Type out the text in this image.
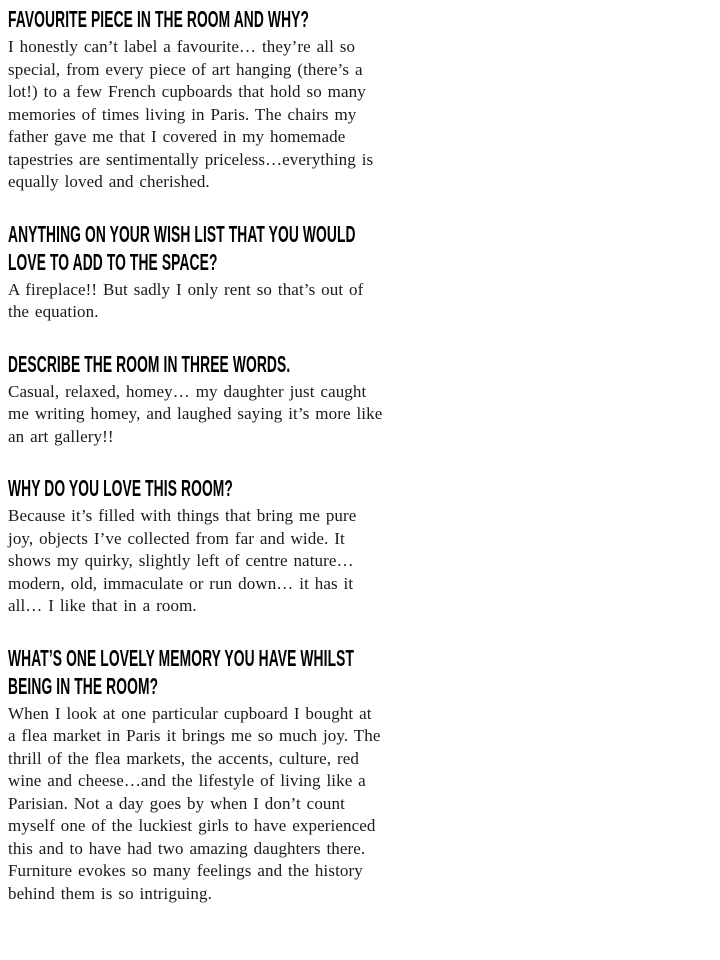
FAVOURITE PIECE IN THE ROOM AND WHY?

I honestly can’t label a favourite… they’re all so special, from every piece of art hanging (there’s a lot!) to a few French cupboards that hold so many memories of times living in Paris. The chairs my father gave me that I covered in my homemade tapestries are sentimentally priceless…everything is equally loved and cherished.

ANYTHING ON YOUR WISH LIST THAT YOU WOULD LOVE TO ADD TO THE SPACE?

A fireplace!! But sadly I only rent so that’s out of the equation.

DESCRIBE THE ROOM IN THREE WORDS.

Casual, relaxed, homey… my daughter just caught me writing homey, and laughed saying it’s more like an art gallery!!

WHY DO YOU LOVE THIS ROOM?

Because it’s filled with things that bring me pure joy, objects I’ve collected from far and wide. It shows my quirky, slightly left of centre nature… modern, old, immaculate or run down… it has it all… I like that in a room.

WHAT’S ONE LOVELY MEMORY YOU HAVE WHILST BEING IN THE ROOM?

When I look at one particular cupboard I bought at a flea market in Paris it brings me so much joy. The thrill of the flea markets, the accents, culture, red wine and cheese…and the lifestyle of living like a Parisian. Not a day goes by when I don’t count myself one of the luckiest girls to have experienced this and to have had two amazing daughters there. Furniture evokes so many feelings and the history behind them is so intriguing.
